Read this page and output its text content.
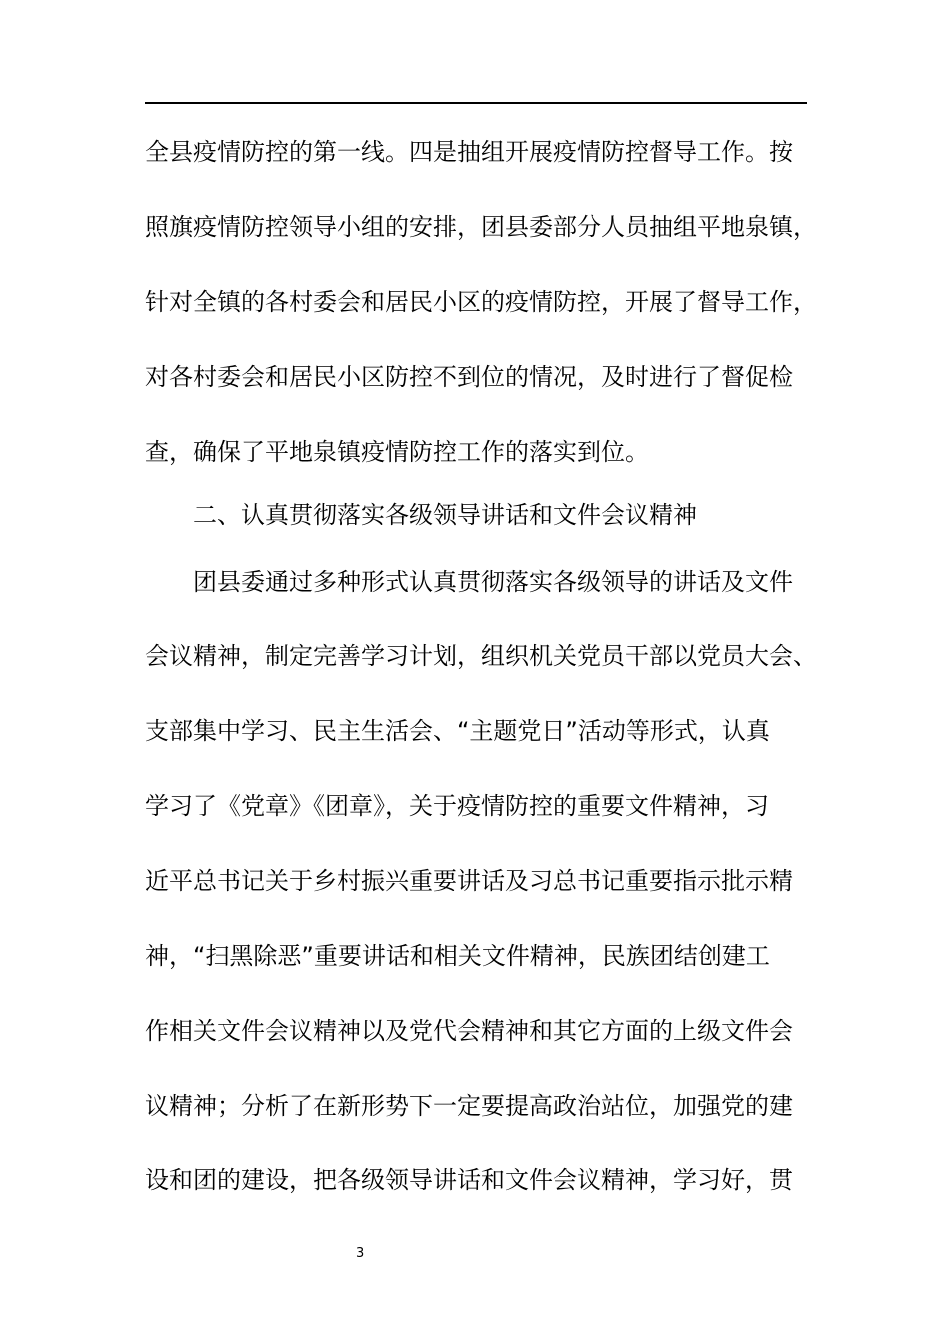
全县疫情防控的第一线。四是抽组开展疫情防控督导工作。按
照旗疫情防控领导小组的安排，团县委部分人员抽组平地泉镇，
针对全镇的各村委会和居民小区的疫情防控，开展了督导工作，
对各村委会和居民小区防控不到位的情况，及时进行了督促检
查，确保了平地泉镇疫情防控工作的落实到位。
二、认真贯彻落实各级领导讲话和文件会议精神
团县委通过多种形式认真贯彻落实各级领导的讲话及文件
会议精神，制定完善学习计划，组织机关党员干部以党员大会、
支部集中学习、民主生活会、“主题党日”活动等形式，认真
学习了《党章》《团章》，关于疫情防控的重要文件精神，习
近平总书记关于乡村振兴重要讲话及习总书记重要指示批示精
神，“扫黑除恶”重要讲话和相关文件精神，民族团结创建工
作相关文件会议精神以及党代会精神和其它方面的上级文件会
议精神；分析了在新形势下一定要提高政治站位，加强党的建
设和团的建设，把各级领导讲话和文件会议精神，学习好，贯
3
